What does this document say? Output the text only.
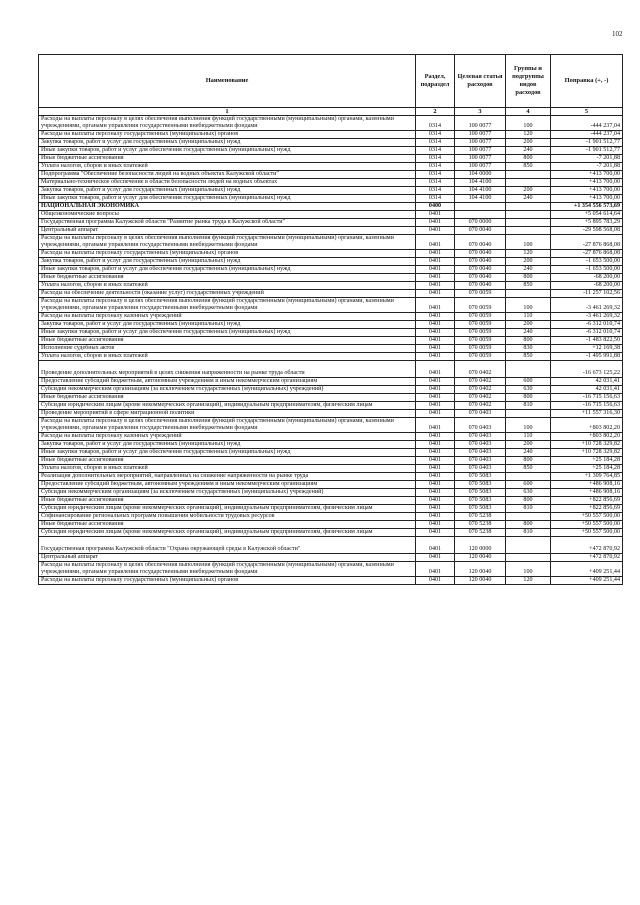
102
Наименование	Раздел, подраздел	Целевая статья расходов	Группы и подгруппы видов расходов	Поправка (+, -)
1	2	3	4	5
Расходы на выплаты персоналу в целях обеспечения выполнения функций государственными (муниципальными) органами, казенными учреждениями, органами управления государственными внебюджетными фондами	0314	100 0077	100	-444 237,04
Расходы на выплаты персоналу государственных (муниципальных) органов	0314	100 0077	120	-444 237,04
Закупка товаров, работ и услуг для государственных (муниципальных) нужд	0314	100 0077	200	-1 901 512,77
Иные закупки товаров, работ и услуг для обеспечения государственных (муниципальных) нужд	0314	100 0077	240	-1 901 512,77
Иные бюджетные ассигнования	0314	100 0077	800	-7 201,88
Уплата налогов, сборов и иных платежей	0314	100 0077	850	-7 201,88
Подпрограмма "Обеспечение безопасности людей на водных объектах Калужской области"	0314	104 0000		+413 700,00
Материально-техническое обеспечение в области безопасности людей на водных объектах	0314	104 4100		+413 700,00
Закупка товаров, работ и услуг для государственных (муниципальных) нужд	0314	104 4100	200	+413 700,00
Иные закупки товаров, работ и услуг для обеспечения государственных (муниципальных) нужд	0314	104 4100	240	+413 700,00
НАЦИОНАЛЬНАЯ ЭКОНОМИКА	0400			+1 354 556 573,69
Общеэкономические вопросы	0401			+5 054 614,64
Государственная программа Калужской области "Развитие рынка труда в Калужской области"	0401	070 0000		+5 895 783,29
Центральный аппарат	0401	070 0040		-29 598 568,08
Расходы на выплаты персоналу в целях обеспечения выполнения функций государственными (муниципальными) органами, казенными учреждениями, органами управления государственными внебюджетными фондами	0401	070 0040	100	-27 876 868,08
Расходы на выплаты персоналу государственных (муниципальных) органов	0401	070 0040	120	-27 876 868,08
Закупка товаров, работ и услуг для государственных (муниципальных) нужд	0401	070 0040	200	-1 653 500,00
Иные закупки товаров, работ и услуг для обеспечения государственных (муниципальных) нужд	0401	070 0040	240	-1 653 500,00
Иные бюджетные ассигнования	0401	070 0040	800	-68 200,00
Уплата налогов, сборов и иных платежей	0401	070 0040	850	-68 200,00
Расходы на обеспечение деятельности (оказание услуг) государственных учреждений	0401	070 0059		-11 257 102,56
Расходы на выплаты персоналу в целях обеспечения выполнения функций государственными (муниципальными) органами, казенными учреждениями, органами управления государственными внебюджетными фондами	0401	070 0059	100	-3 461 269,32
Расходы на выплаты персоналу казенных учреждений	0401	070 0059	110	-3 461 269,32
Закупка товаров, работ и услуг для государственных (муниципальных) нужд	0401	070 0059	200	-6 312 010,74
Иные закупки товаров, работ и услуг для обеспечения государственных (муниципальных) нужд	0401	070 0059	240	-6 312 010,74
Иные бюджетные ассигнования	0401	070 0059	800	-1 483 822,50
Исполнение судебных актов	0401	070 0059	830	+12 169,38
Уплата налогов, сборов и иных платежей	0401	070 0059	850	-1 495 991,88
Проведение дополнительных мероприятий в целях снижения напряженности на рынке труда области	0401	070 0402		-16 673 125,22
Предоставление субсидий бюджетным, автономным учреждениям и иным некоммерческим организациям	0401	070 0402	600	42 031,41
Субсидии некоммерческим организациям (за исключением государственных (муниципальных) учреждений)	0401	070 0402	630	42 031,41
Иные бюджетные ассигнования	0401	070 0402	800	-16 715 156,63
Субсидии юридическим лицам (кроме некоммерческих организаций), индивидуальным предпринимателям, физическим лицам	0401	070 0402	810	-16 715 156,63
Проведение мероприятий в сфере миграционной политики	0401	070 0403		+11 557 316,30
Расходы на выплаты персоналу в целях обеспечения выполнения функций государственными (муниципальными) органами, казенными учреждениями, органами управления государственными внебюджетными фондами	0401	070 0403	100	+803 802,20
Расходы на выплаты персоналу казенных учреждений	0401	070 0403	110	+803 802,20
Закупка товаров, работ и услуг для государственных (муниципальных) нужд	0401	070 0403	200	+10 728 329,82
Иные закупки товаров, работ и услуг для обеспечения государственных (муниципальных) нужд	0401	070 0403	240	+10 728 329,82
Иные бюджетные ассигнования	0401	070 0403	800	+25 184,28
Уплата налогов, сборов и иных платежей	0401	070 0403	850	+25 184,28
Реализация дополнительных мероприятий, направленных на снижение напряженности на рынке труда	0401	070 5083		+1 309 764,85
Предоставление субсидий бюджетным, автономным учреждениям и иным некоммерческим организациям	0401	070 5083	600	+486 908,16
Субсидии некоммерческим организациям (за исключением государственных (муниципальных) учреждений)	0401	070 5083	630	+486 908,16
Иные бюджетные ассигнования	0401	070 5083	800	+822 856,69
Субсидии юридическим лицам (кроме некоммерческих организаций), индивидуальным предпринимателям, физическим лицам	0401	070 5083	810	+822 856,69
Софинансирование региональных программ повышения мобильности трудовых ресурсов	0401	070 5238		+50 557 500,00
Иные бюджетные ассигнования	0401	070 5238	800	+50 557 500,00
Субсидии юридическим лицам (кроме некоммерческих организаций), индивидуальным предпринимателям, физическим лицам	0401	070 5238	810	+50 557 500,00
Государственная программа Калужской области "Охрана окружающей среды в Калужской области"	0401	120 0000		+472 870,92
Центральный аппарат	0401	120 0040		+472 870,92
Расходы на выплаты персоналу в целях обеспечения выполнения функций государственными (муниципальными) органами, казенными учреждениями, органами управления государственными внебюджетными фондами	0401	120 0040	100	+409 251,44
Расходы на выплаты персоналу государственных (муниципальных) органов	0401	120 0040	120	+409 251,44
